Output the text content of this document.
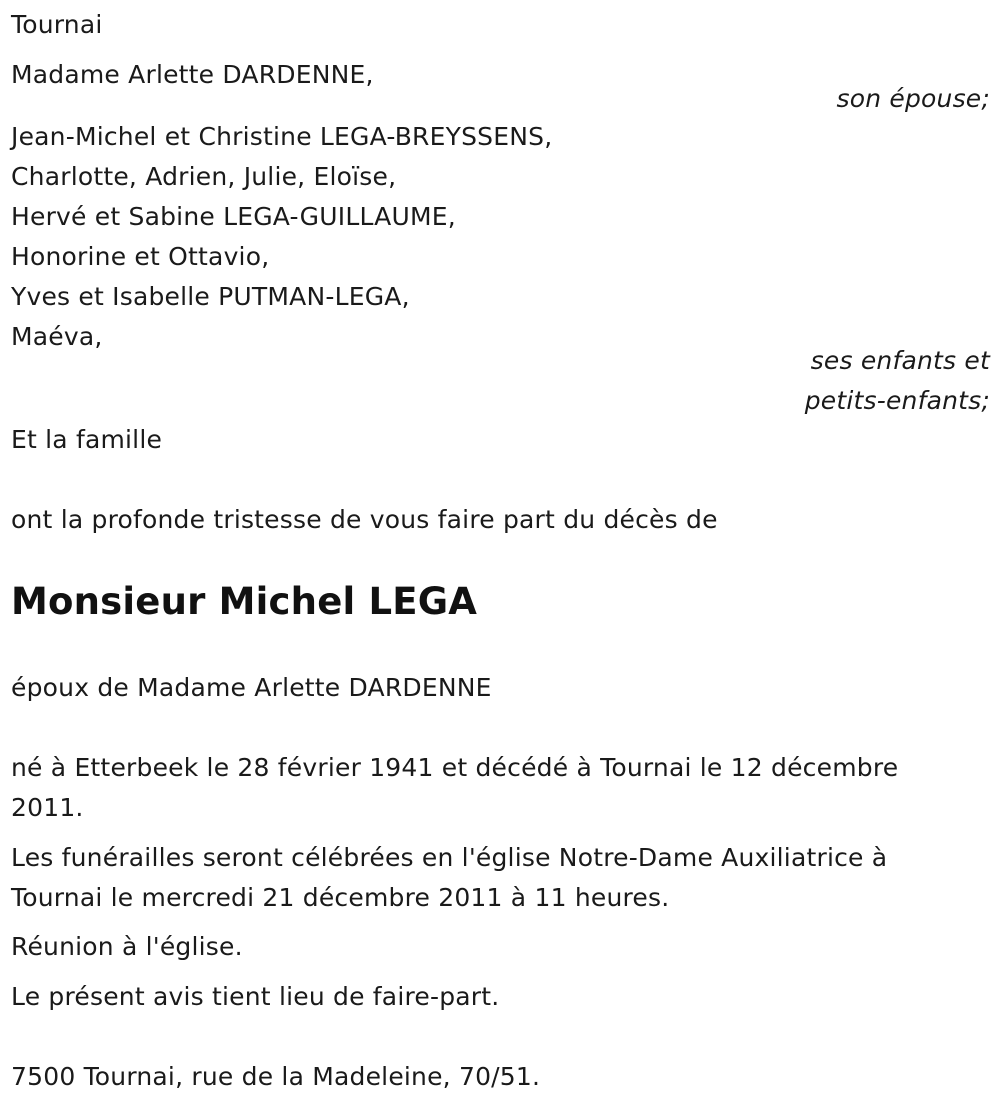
Tournai
Madame Arlette DARDENNE,
son épouse;
Jean-Michel et Christine LEGA-BREYSSENS,
Charlotte, Adrien, Julie, Eloïse,
Hervé et Sabine LEGA-GUILLAUME,
Honorine et Ottavio,
Yves et Isabelle PUTMAN-LEGA,
Maéva,
ses enfants et
petits-enfants;
Et la famille
ont la profonde tristesse de vous faire part du décès de
Monsieur Michel LEGA
époux de Madame Arlette DARDENNE
né à Etterbeek le 28 février 1941 et décédé à Tournai le 12 décembre
2011.
Les funérailles seront célébrées en l'église Notre-Dame Auxiliatrice à
Tournai le mercredi 21 décembre 2011 à 11 heures.
Réunion à l'église.
Le présent avis tient lieu de faire-part.
7500 Tournai, rue de la Madeleine, 70/51.
